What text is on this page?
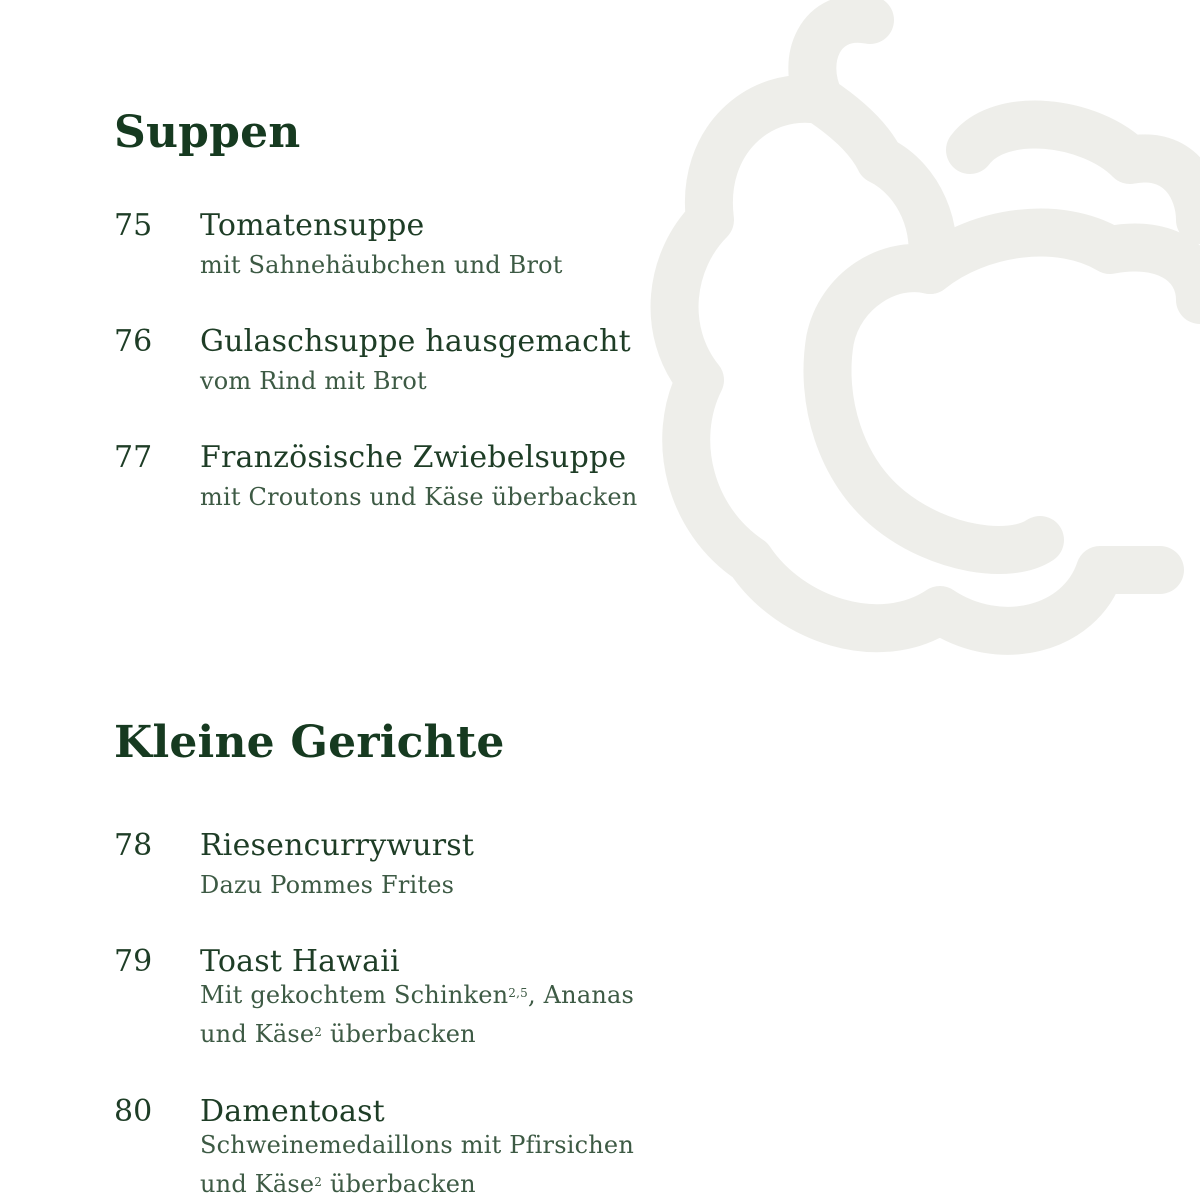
Suppen
75 Tomatensuppe
mit Sahnehäubchen und Brot
76 Gulaschsuppe hausgemacht
vom Rind mit Brot
77 Französische Zwiebelsuppe
mit Croutons und Käse überbacken
Kleine Gerichte
78 Riesencurrywurst
Dazu Pommes Frites
79 Toast Hawaii
Mit gekochtem Schinken$^{2,5}$, Ananas
und Käse$^2$ überbacken
80 Damentoast
Schweinemedaillons mit Pfirsichen
und Käse$^2$ überbacken
